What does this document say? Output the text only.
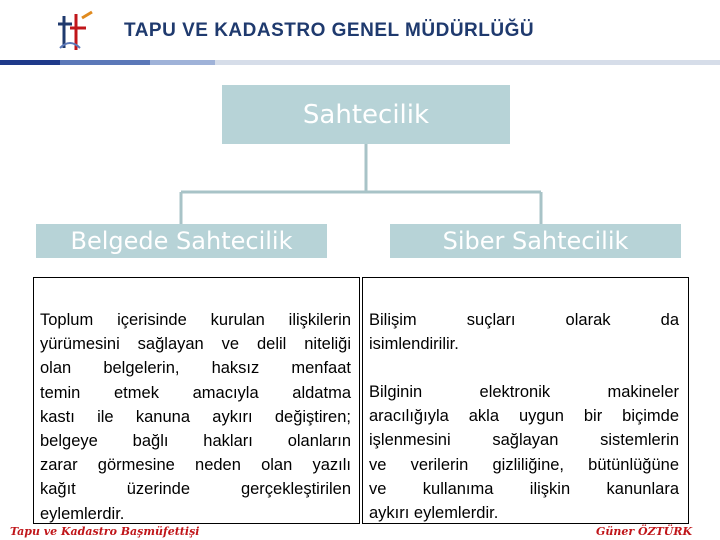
TAPU VE KADASTRO GENEL MÜDÜRLÜĞÜ
Sahtecilik
Belgede Sahtecilik	Siber Sahtecilik
Toplum içerisinde kurulan ilişkilerin
yürümesini sağlayan ve delil niteliği
olan belgelerin, haksız menfaat
temin etmek amacıyla aldatma
kastı ile kanuna aykırı değiştiren;
belgeye bağlı hakları olanların
zarar görmesine neden olan yazılı
kağıt üzerinde gerçekleştirilen
eylemlerdir.
Bilişim suçları olarak da
isimlendirilir.
Bilginin elektronik makineler
aracılığıyla akla uygun bir biçimde
işlenmesini sağlayan sistemlerin
ve verilerin gizliliğine, bütünlüğüne
ve kullanıma ilişkin kanunlara
aykırı eylemlerdir.
Tapu ve Kadastro Başmüfettişi	Güner ÖZTÜRK
